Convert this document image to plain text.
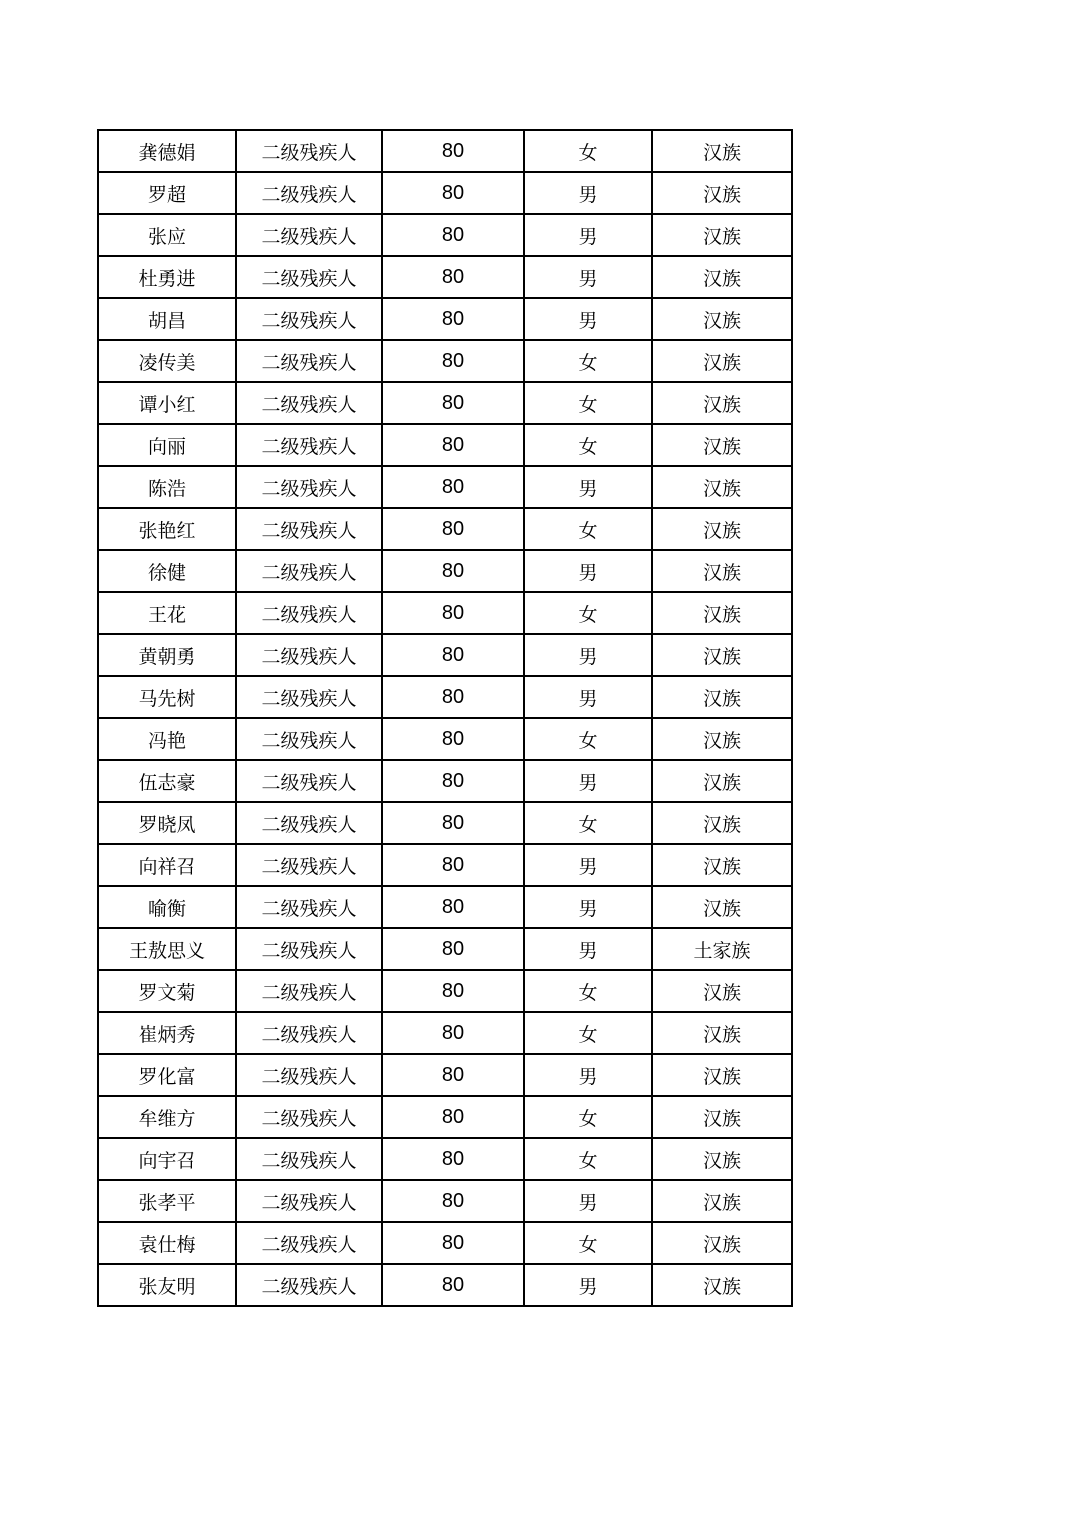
龚德娟	二级残疾人	80	女	汉族
罗超	二级残疾人	80	男	汉族
张应	二级残疾人	80	男	汉族
杜勇进	二级残疾人	80	男	汉族
胡昌	二级残疾人	80	男	汉族
凌传美	二级残疾人	80	女	汉族
谭小红	二级残疾人	80	女	汉族
向丽	二级残疾人	80	女	汉族
陈浩	二级残疾人	80	男	汉族
张艳红	二级残疾人	80	女	汉族
徐健	二级残疾人	80	男	汉族
王花	二级残疾人	80	女	汉族
黄朝勇	二级残疾人	80	男	汉族
马先树	二级残疾人	80	男	汉族
冯艳	二级残疾人	80	女	汉族
伍志豪	二级残疾人	80	男	汉族
罗晓凤	二级残疾人	80	女	汉族
向祥召	二级残疾人	80	男	汉族
喻衡	二级残疾人	80	男	汉族
王敖思义	二级残疾人	80	男	土家族
罗文菊	二级残疾人	80	女	汉族
崔炳秀	二级残疾人	80	女	汉族
罗化富	二级残疾人	80	男	汉族
牟维方	二级残疾人	80	女	汉族
向宇召	二级残疾人	80	女	汉族
张孝平	二级残疾人	80	男	汉族
袁仕梅	二级残疾人	80	女	汉族
张友明	二级残疾人	80	男	汉族
